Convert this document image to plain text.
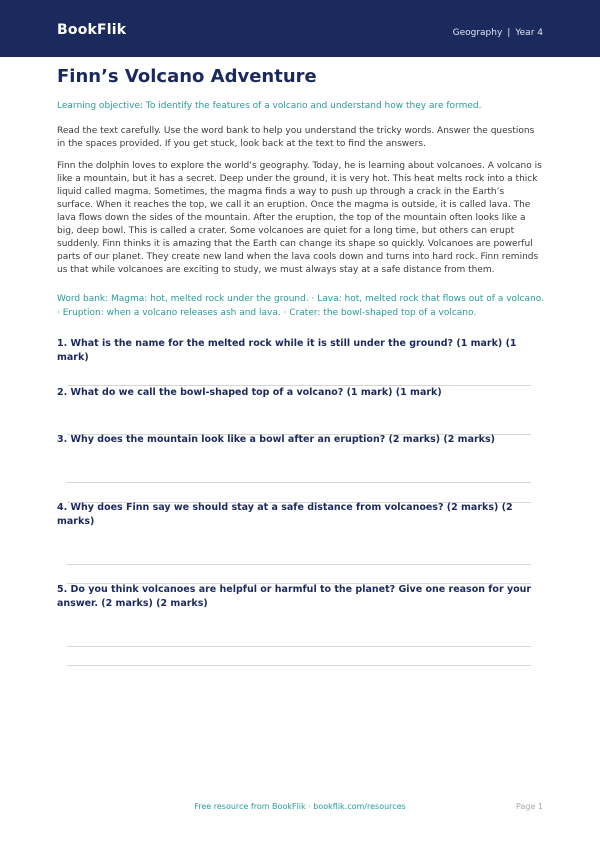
BookFlik	Geography | Year 4
Finn’s Volcano Adventure
Learning objective: To identify the features of a volcano and understand how they are formed.
Read the text carefully. Use the word bank to help you understand the tricky words. Answer the questions in the spaces provided. If you get stuck, look back at the text to find the answers.
Finn the dolphin loves to explore the world’s geography. Today, he is learning about volcanoes. A volcano is like a mountain, but it has a secret. Deep under the ground, it is very hot. This heat melts rock into a thick liquid called magma. Sometimes, the magma finds a way to push up through a crack in the Earth’s surface. When it reaches the top, we call it an eruption. Once the magma is outside, it is called lava. The lava flows down the sides of the mountain. After the eruption, the top of the mountain often looks like a big, deep bowl. This is called a crater. Some volcanoes are quiet for a long time, but others can erupt suddenly. Finn thinks it is amazing that the Earth can change its shape so quickly. Volcanoes are powerful parts of our planet. They create new land when the lava cools down and turns into hard rock. Finn reminds us that while volcanoes are exciting to study, we must always stay at a safe distance from them.
Word bank: Magma: hot, melted rock under the ground. · Lava: hot, melted rock that flows out of a volcano. · Eruption: when a volcano releases ash and lava. · Crater: the bowl-shaped top of a volcano.
1. What is the name for the melted rock while it is still under the ground? (1 mark) (1 mark)
2. What do we call the bowl-shaped top of a volcano? (1 mark) (1 mark)
3. Why does the mountain look like a bowl after an eruption? (2 marks) (2 marks)
4. Why does Finn say we should stay at a safe distance from volcanoes? (2 marks) (2 marks)
5. Do you think volcanoes are helpful or harmful to the planet? Give one reason for your answer. (2 marks) (2 marks)
Free resource from BookFlik · bookflik.com/resources	Page 1
